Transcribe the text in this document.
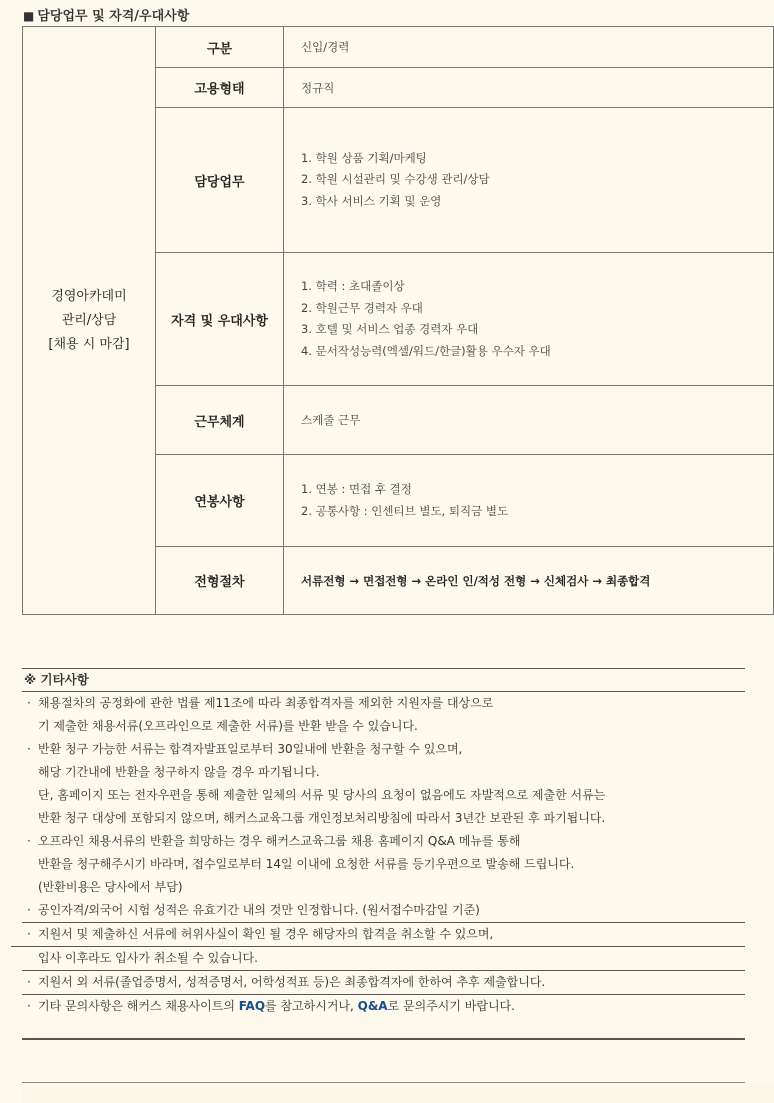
■ 담당업무 및 자격/우대사항
경영아카데미
관리/상담
[채용 시 마감]	구분	신입/경력
	고용형태	정규직
	담당업무	1. 학원 상품 기획/마케팅
2. 학원 시설관리 및 수강생 관리/상담
3. 학사 서비스 기획 및 운영

	자격 및 우대사항	1. 학력 : 초대졸이상
2. 학원근무 경력자 우대
3. 호텔 및 서비스 업종 경력자 우대
4. 문서작성능력(엑셀/워드/한글)활용 우수자 우대

	근무체계	스케줄 근무
	연봉사항	1. 연봉 : 면접 후 결정
2. 공통사항 : 인센티브 별도, 퇴직금 별도

	전형절차	서류전형 → 면접전형 → 온라인 인/적성 전형 → 신체검사 → 최종합격
※ 기타사항
· 채용절차의 공정화에 관한 법률 제11조에 따라 최종합격자를 제외한 지원자를 대상으로
기 제출한 채용서류(오프라인으로 제출한 서류)를 반환 받을 수 있습니다.
· 반환 청구 가능한 서류는 합격자발표일로부터 30일내에 반환을 청구할 수 있으며,
해당 기간내에 반환을 청구하지 않을 경우 파기됩니다.
단, 홈페이지 또는 전자우편을 통해 제출한 일체의 서류 및 당사의 요청이 없음에도 자발적으로 제출한 서류는
반환 청구 대상에 포함되지 않으며, 해커스교육그룹 개인정보처리방침에 따라서 3년간 보관된 후 파기됩니다.
· 오프라인 채용서류의 반환을 희망하는 경우 해커스교육그룹 채용 홈페이지 Q&A 메뉴를 통해
반환을 청구해주시기 바라며, 접수일로부터 14일 이내에 요청한 서류를 등기우편으로 발송해 드립니다.
(반환비용은 당사에서 부담)
· 공인자격/외국어 시험 성적은 유효기간 내의 것만 인정합니다. (원서접수마감일 기준)
· 지원서 및 제출하신 서류에 허위사실이 확인 될 경우 해당자의 합격을 취소할 수 있으며,
입사 이후라도 입사가 취소될 수 있습니다.
· 지원서 외 서류(졸업증명서, 성적증명서, 어학성적표 등)은 최종합격자에 한하여 추후 제출합니다.
· 기타 문의사항은 해커스 채용사이트의 FAQ를 참고하시거나, Q&A로 문의주시기 바랍니다.
